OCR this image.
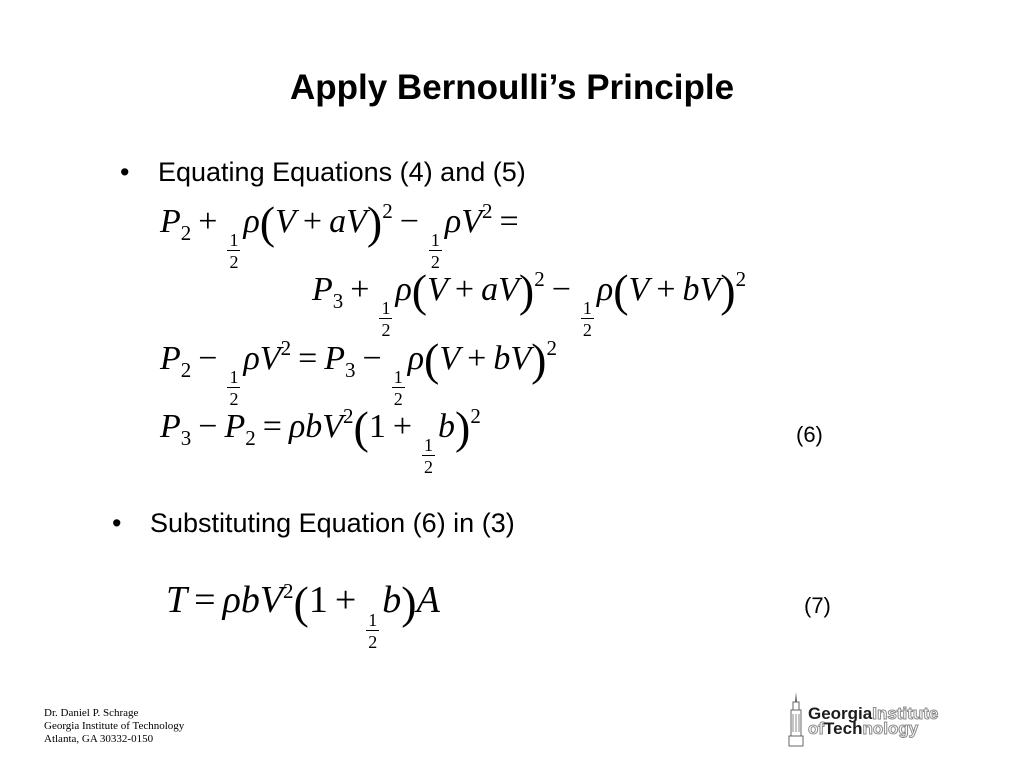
Apply Bernoulli’s Principle
• Equating Equations (4) and (5)
$P_2$ +
$\frac{1}{2}$
ρ(V + aV)$^2$ −
$\frac{1}{2}$
$\rho V^2$ =
$P_3$ +
$\frac{1}{2}$
ρ(V + aV)$^2$ −
$\frac{1}{2}$
ρ(V + bV)$^2$
$P_2$ −
$\frac{1}{2}$
$\rho V^2 = P_3$ −
$\frac{1}{2}$
ρ(V + bV)$^2$
$P_3 - P_2 = \rho bV^2(1$ +
$\frac{1}{2}$
b)$^2$
(6)
• Substituting Equation (6) in (3)
T = ρbV$^2$(1 +
$\frac{1}{2}$
b)A	(7)
Dr. Daniel P. Schrage
Georgia Institute of Technology
Atlanta, GA 30332-0150
GeorgiaInstitute
ofTechnology
